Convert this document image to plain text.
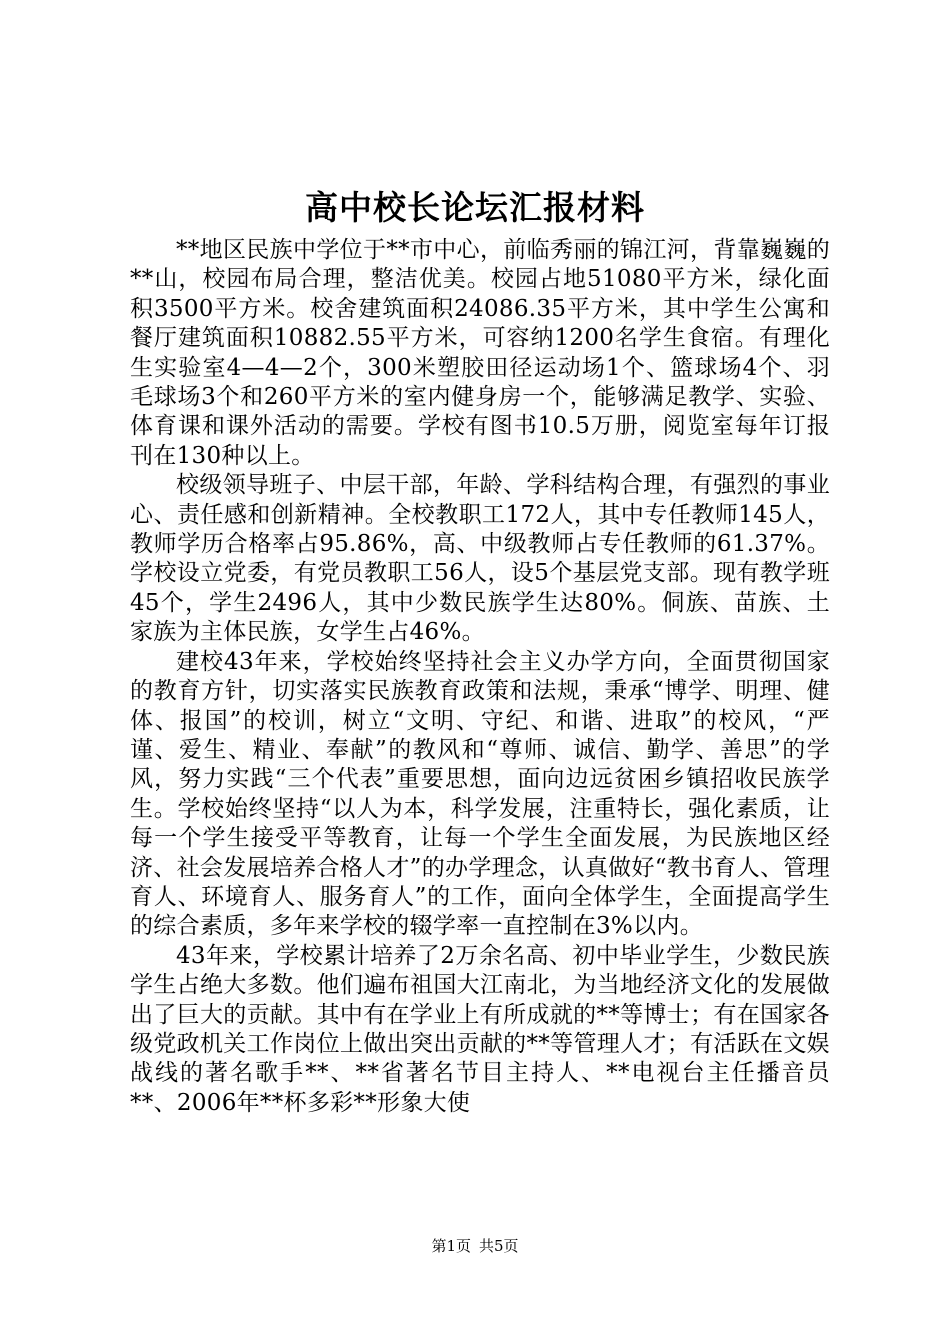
高中校长论坛汇报材料

**地区民族中学位于**市中心，前临秀丽的锦江河，背靠巍巍的**山，校园布局合理，整洁优美。校园占地51080平方米，绿化面积3500平方米。校舍建筑面积24086.35平方米，其中学生公寓和餐厅建筑面积10882.55平方米，可容纳1200名学生食宿。有理化生实验室4—4—2个，300米塑胶田径运动场1个、篮球场4个、羽毛球场3个和260平方米的室内健身房一个，能够满足教学、实验、体育课和课外活动的需要。学校有图书10.5万册，阅览室每年订报刊在130种以上。

校级领导班子、中层干部，年龄、学科结构合理，有强烈的事业心、责任感和创新精神。全校教职工172人，其中专任教师145人，教师学历合格率占95.86%，高、中级教师占专任教师的61.37%。学校设立党委，有党员教职工56人，设5个基层党支部。现有教学班45个，学生2496人，其中少数民族学生达80%。侗族、苗族、土家族为主体民族，女学生占46%。

建校43年来，学校始终坚持社会主义办学方向，全面贯彻国家的教育方针，切实落实民族教育政策和法规，秉承“博学、明理、健体、报国”的校训，树立“文明、守纪、和谐、进取”的校风，“严谨、爱生、精业、奉献”的教风和“尊师、诚信、勤学、善思”的学风，努力实践“三个代表”重要思想，面向边远贫困乡镇招收民族学生。学校始终坚持“以人为本，科学发展，注重特长，强化素质，让每一个学生接受平等教育，让每一个学生全面发展，为民族地区经济、社会发展培养合格人才”的办学理念，认真做好“教书育人、管理育人、环境育人、服务育人”的工作，面向全体学生，全面提高学生的综合素质，多年来学校的辍学率一直控制在3%以内。

43年来，学校累计培养了2万余名高、初中毕业学生，少数民族学生占绝大多数。他们遍布祖国大江南北，为当地经济文化的发展做出了巨大的贡献。其中有在学业上有所成就的**等博士；有在国家各级党政机关工作岗位上做出突出贡献的**等管理人才；有活跃在文娱战线的著名歌手**、**省著名节目主持人、**电视台主任播音员**、2006年**杯多彩**形象大使

第1页 共5页
